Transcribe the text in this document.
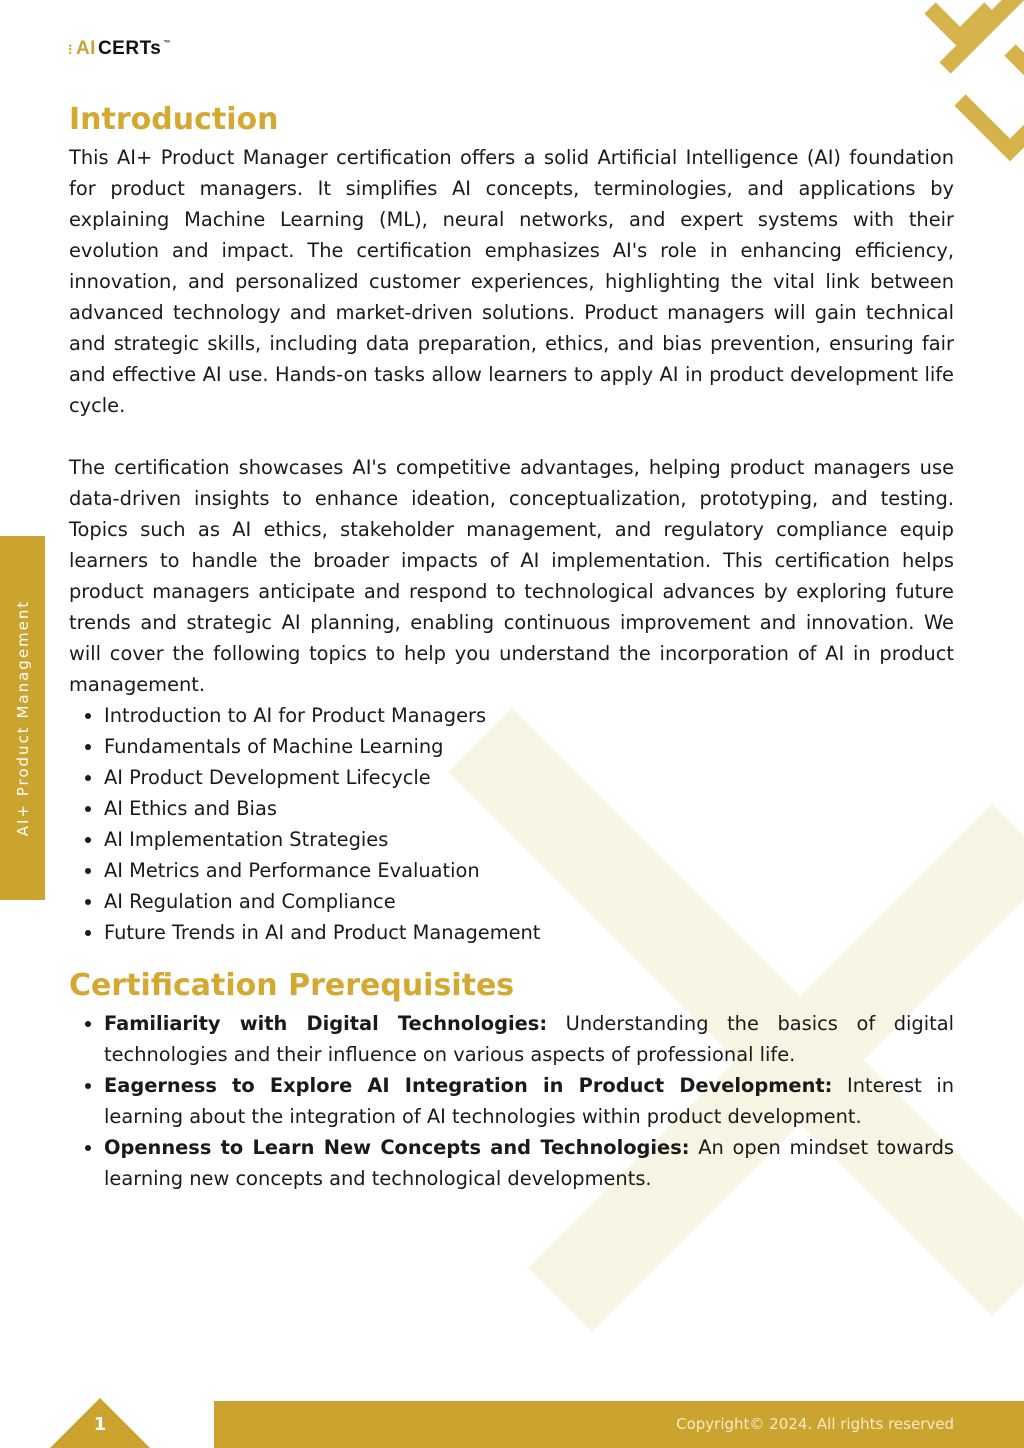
⁝ AI CERTs ™
AI+ Product Management
Introduction

This AI+ Product Manager certification offers a solid Artificial Intelligence (AI) foundation for product managers. It simplifies AI concepts, terminologies, and applications by explaining Machine Learning (ML), neural networks, and expert systems with their evolution and impact. The certification emphasizes AI's role in enhancing efficiency, innovation, and personalized customer experiences, highlighting the vital link between advanced technology and market-driven solutions. Product managers will gain technical and strategic skills, including data preparation, ethics, and bias prevention, ensuring fair and effective AI use. Hands-on tasks allow learners to apply AI in product development life cycle.

The certification showcases AI's competitive advantages, helping product managers use data-driven insights to enhance ideation, conceptualization, prototyping, and testing. Topics such as AI ethics, stakeholder management, and regulatory compliance equip learners to handle the broader impacts of AI implementation. This certification helps product managers anticipate and respond to technological advances by exploring future trends and strategic AI planning, enabling continuous improvement and innovation. We will cover the following topics to help you understand the incorporation of AI in product management.

• Introduction to AI for Product Managers
• Fundamentals of Machine Learning
• AI Product Development Lifecycle
• AI Ethics and Bias
• AI Implementation Strategies
• AI Metrics and Performance Evaluation
• AI Regulation and Compliance
• Future Trends in AI and Product Management
Certification Prerequisites
• Familiarity with Digital Technologies: Understanding the basics of digital technologies and their influence on various aspects of professional life.
• Eagerness to Explore AI Integration in Product Development: Interest in learning about the integration of AI technologies within product development.
• Openness to Learn New Concepts and Technologies: An open mindset towards learning new concepts and technological developments.
1	Copyright© 2024. All rights reserved
